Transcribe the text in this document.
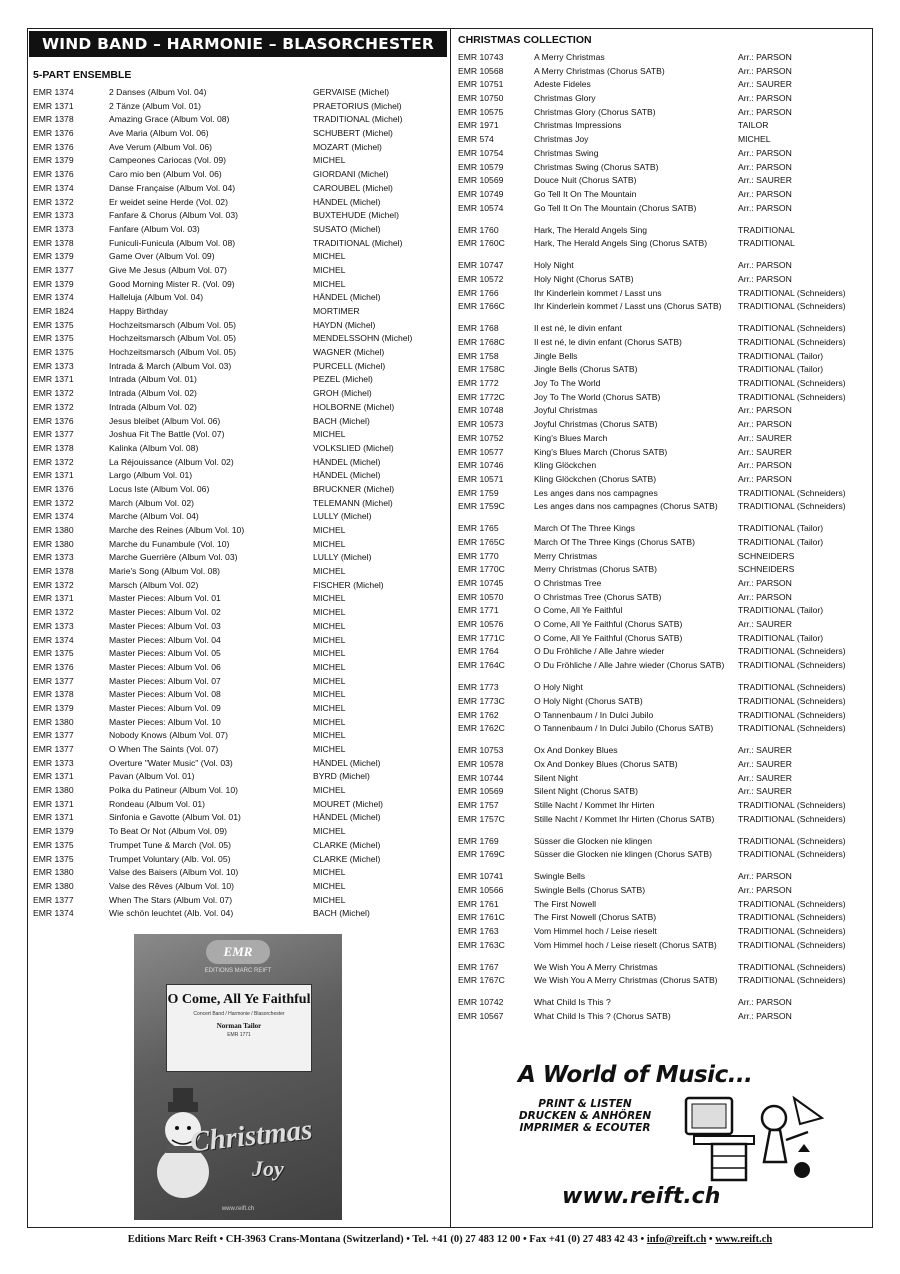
WIND BAND – HARMONIE – BLASORCHESTER
5-PART ENSEMBLE
CHRISTMAS COLLECTION
EMR 1374	2 Danses (Album Vol. 04)	GERVAISE (Michel)
EMR 1371	2 Tänze (Album Vol. 01)	PRAETORIUS (Michel)
EMR 1378	Amazing Grace (Album Vol. 08)	TRADITIONAL (Michel)
EMR 1376	Ave Maria (Album Vol. 06)	SCHUBERT (Michel)
EMR 1376	Ave Verum (Album Vol. 06)	MOZART (Michel)
EMR 1379	Campeones Cariocas (Vol. 09)	MICHEL
EMR 1376	Caro mio ben (Album Vol. 06)	GIORDANI (Michel)
EMR 1374	Danse Française (Album Vol. 04)	CAROUBEL (Michel)
EMR 1372	Er weidet seine Herde (Vol. 02)	HÄNDEL (Michel)
EMR 1373	Fanfare & Chorus (Album Vol. 03)	BUXTEHUDE (Michel)
EMR 1373	Fanfare (Album Vol. 03)	SUSATO (Michel)
EMR 1378	Funiculi-Funicula (Album Vol. 08)	TRADITIONAL (Michel)
EMR 1379	Game Over (Album Vol. 09)	MICHEL
EMR 1377	Give Me Jesus (Album Vol. 07)	MICHEL
EMR 1379	Good Morning Mister R. (Vol. 09)	MICHEL
EMR 1374	Halleluja (Album Vol. 04)	HÄNDEL (Michel)
EMR 1824	Happy Birthday	MORTIMER
EMR 1375	Hochzeitsmarsch (Album Vol. 05)	HAYDN (Michel)
EMR 1375	Hochzeitsmarsch (Album Vol. 05)	MENDELSSOHN (Michel)
EMR 1375	Hochzeitsmarsch (Album Vol. 05)	WAGNER (Michel)
EMR 1373	Intrada & March (Album Vol. 03)	PURCELL (Michel)
EMR 1371	Intrada (Album Vol. 01)	PEZEL (Michel)
EMR 1372	Intrada (Album Vol. 02)	GROH (Michel)
EMR 1372	Intrada (Album Vol. 02)	HOLBORNE (Michel)
EMR 1376	Jesus bleibet (Album Vol. 06)	BACH (Michel)
EMR 1377	Joshua Fit The Battle (Vol. 07)	MICHEL
EMR 1378	Kalinka (Album Vol. 08)	VOLKSLIED (Michel)
EMR 1372	La Réjouissance (Album Vol. 02)	HÄNDEL (Michel)
EMR 1371	Largo (Album Vol. 01)	HÄNDEL (Michel)
EMR 1376	Locus Iste (Album Vol. 06)	BRUCKNER (Michel)
EMR 1372	March (Album Vol. 02)	TELEMANN (Michel)
EMR 1374	Marche (Album Vol. 04)	LULLY (Michel)
EMR 1380	Marche des Reines (Album Vol. 10)	MICHEL
EMR 1380	Marche du Funambule (Vol. 10)	MICHEL
EMR 1373	Marche Guerrière (Album Vol. 03)	LULLY (Michel)
EMR 1378	Marie's Song (Album Vol. 08)	MICHEL
EMR 1372	Marsch (Album Vol. 02)	FISCHER (Michel)
EMR 1371	Master Pieces: Album Vol. 01	MICHEL
EMR 1372	Master Pieces: Album Vol. 02	MICHEL
EMR 1373	Master Pieces: Album Vol. 03	MICHEL
EMR 1374	Master Pieces: Album Vol. 04	MICHEL
EMR 1375	Master Pieces: Album Vol. 05	MICHEL
EMR 1376	Master Pieces: Album Vol. 06	MICHEL
EMR 1377	Master Pieces: Album Vol. 07	MICHEL
EMR 1378	Master Pieces: Album Vol. 08	MICHEL
EMR 1379	Master Pieces: Album Vol. 09	MICHEL
EMR 1380	Master Pieces: Album Vol. 10	MICHEL
EMR 1377	Nobody Knows (Album Vol. 07)	MICHEL
EMR 1377	O When The Saints (Vol. 07)	MICHEL
EMR 1373	Overture "Water Music" (Vol. 03)	HÄNDEL (Michel)
EMR 1371	Pavan (Album Vol. 01)	BYRD (Michel)
EMR 1380	Polka du Patineur (Album Vol. 10)	MICHEL
EMR 1371	Rondeau (Album Vol. 01)	MOURET (Michel)
EMR 1371	Sinfonia e Gavotte (Album Vol. 01)	HÄNDEL (Michel)
EMR 1379	To Beat Or Not (Album Vol. 09)	MICHEL
EMR 1375	Trumpet Tune & March (Vol. 05)	CLARKE (Michel)
EMR 1375	Trumpet Voluntary (Alb. Vol. 05)	CLARKE (Michel)
EMR 1380	Valse des Baisers (Album Vol. 10)	MICHEL
EMR 1380	Valse des Rêves (Album Vol. 10)	MICHEL
EMR 1377	When The Stars (Album Vol. 07)	MICHEL
EMR 1374	Wie schön leuchtet (Alb. Vol. 04)	BACH (Michel)
EMR 10743	A Merry Christmas	Arr.: PARSON
EMR 10568	A Merry Christmas (Chorus SATB)	Arr.: PARSON
EMR 10751	Adeste Fideles	Arr.: SAURER
EMR 10750	Christmas Glory	Arr.: PARSON
EMR 10575	Christmas Glory (Chorus SATB)	Arr.: PARSON
EMR 1971	Christmas Impressions	TAILOR
EMR 574	Christmas Joy	MICHEL
EMR 10754	Christmas Swing	Arr.: PARSON
EMR 10579	Christmas Swing (Chorus SATB)	Arr.: PARSON
EMR 10569	Douce Nuit (Chorus SATB)	Arr.: SAURER
EMR 10749	Go Tell It On The Mountain	Arr.: PARSON
EMR 10574	Go Tell It On The Mountain (Chorus SATB)	Arr.: PARSON
EMR 1760	Hark, The Herald Angels Sing	TRADITIONAL
EMR 1760C	Hark, The Herald Angels Sing (Chorus SATB)	TRADITIONAL
EMR 10747	Holy Night	Arr.: PARSON
EMR 10572	Holy Night (Chorus SATB)	Arr.: PARSON
EMR 1766	Ihr Kinderlein kommet / Lasst uns	TRADITIONAL (Schneiders)
EMR 1766C	Ihr Kinderlein kommet / Lasst uns (Chorus SATB)	TRADITIONAL (Schneiders)
EMR 1768	Il est né, le divin enfant	TRADITIONAL (Schneiders)
EMR 1768C	Il est né, le divin enfant (Chorus SATB)	TRADITIONAL (Schneiders)
EMR 1758	Jingle Bells	TRADITIONAL (Tailor)
EMR 1758C	Jingle Bells (Chorus SATB)	TRADITIONAL (Tailor)
EMR 1772	Joy To The World	TRADITIONAL (Schneiders)
EMR 1772C	Joy To The World (Chorus SATB)	TRADITIONAL (Schneiders)
EMR 10748	Joyful Christmas	Arr.: PARSON
EMR 10573	Joyful Christmas (Chorus SATB)	Arr.: PARSON
EMR 10752	King's Blues March	Arr.: SAURER
EMR 10577	King's Blues March (Chorus SATB)	Arr.: SAURER
EMR 10746	Kling Glöckchen	Arr.: PARSON
EMR 10571	Kling Glöckchen (Chorus SATB)	Arr.: PARSON
EMR 1759	Les anges dans nos campagnes	TRADITIONAL (Schneiders)
EMR 1759C	Les anges dans nos campagnes (Chorus SATB)	TRADITIONAL (Schneiders)
EMR 1765	March Of The Three Kings	TRADITIONAL (Tailor)
EMR 1765C	March Of The Three Kings (Chorus SATB)	TRADITIONAL (Tailor)
EMR 1770	Merry Christmas	SCHNEIDERS
EMR 1770C	Merry Christmas (Chorus SATB)	SCHNEIDERS
EMR 10745	O Christmas Tree	Arr.: PARSON
EMR 10570	O Christmas Tree (Chorus SATB)	Arr.: PARSON
EMR 1771	O Come, All Ye Faithful	TRADITIONAL (Tailor)
EMR 10576	O Come, All Ye Faithful (Chorus SATB)	Arr.: SAURER
EMR 1771C	O Come, All Ye Faithful (Chorus SATB)	TRADITIONAL (Tailor)
EMR 1764	O Du Fröhliche / Alle Jahre wieder	TRADITIONAL (Schneiders)
EMR 1764C	O Du Fröhliche / Alle Jahre wieder (Chorus SATB)	TRADITIONAL (Schneiders)
EMR 1773	O Holy Night	TRADITIONAL (Schneiders)
EMR 1773C	O Holy Night (Chorus SATB)	TRADITIONAL (Schneiders)
EMR 1762	O Tannenbaum / In Dulci Jubilo	TRADITIONAL (Schneiders)
EMR 1762C	O Tannenbaum / In Dulci Jubilo (Chorus SATB)	TRADITIONAL (Schneiders)
EMR 10753	Ox And Donkey Blues	Arr.: SAURER
EMR 10578	Ox And Donkey Blues (Chorus SATB)	Arr.: SAURER
EMR 10744	Silent Night	Arr.: SAURER
EMR 10569	Silent Night (Chorus SATB)	Arr.: SAURER
EMR 1757	Stille Nacht / Kommet Ihr Hirten	TRADITIONAL (Schneiders)
EMR 1757C	Stille Nacht / Kommet Ihr Hirten (Chorus SATB)	TRADITIONAL (Schneiders)
EMR 1769	Süsser die Glocken nie klingen	TRADITIONAL (Schneiders)
EMR 1769C	Süsser die Glocken nie klingen (Chorus SATB)	TRADITIONAL (Schneiders)
EMR 10741	Swingle Bells	Arr.: PARSON
EMR 10566	Swingle Bells (Chorus SATB)	Arr.: PARSON
EMR 1761	The First Nowell	TRADITIONAL (Schneiders)
EMR 1761C	The First Nowell (Chorus SATB)	TRADITIONAL (Schneiders)
EMR 1763	Vom Himmel hoch / Leise rieselt	TRADITIONAL (Schneiders)
EMR 1763C	Vom Himmel hoch / Leise rieselt (Chorus SATB)	TRADITIONAL (Schneiders)
EMR 1767	We Wish You A Merry Christmas	TRADITIONAL (Schneiders)
EMR 1767C	We Wish You A Merry Christmas (Chorus SATB)	TRADITIONAL (Schneiders)
EMR 10742	What Child Is This ?	Arr.: PARSON
EMR 10567	What Child Is This ? (Chorus SATB)	Arr.: PARSON
EMR
EDITIONS MARC REIFT
O Come, All Ye Faithful
Concert Band / Harmonie / Blasorchester
Norman Tailor
EMR 1771
Christmas
Joy
www.reift.ch
A World of Music...
PRINT & LISTEN
DRUCKEN & ANHÖREN
IMPRIMER & ECOUTER
www.reift.ch
Editions Marc Reift • CH-3963 Crans-Montana (Switzerland) • Tel. +41 (0) 27 483 12 00 • Fax +41 (0) 27 483 42 43 • info@reift.ch • www.reift.ch
